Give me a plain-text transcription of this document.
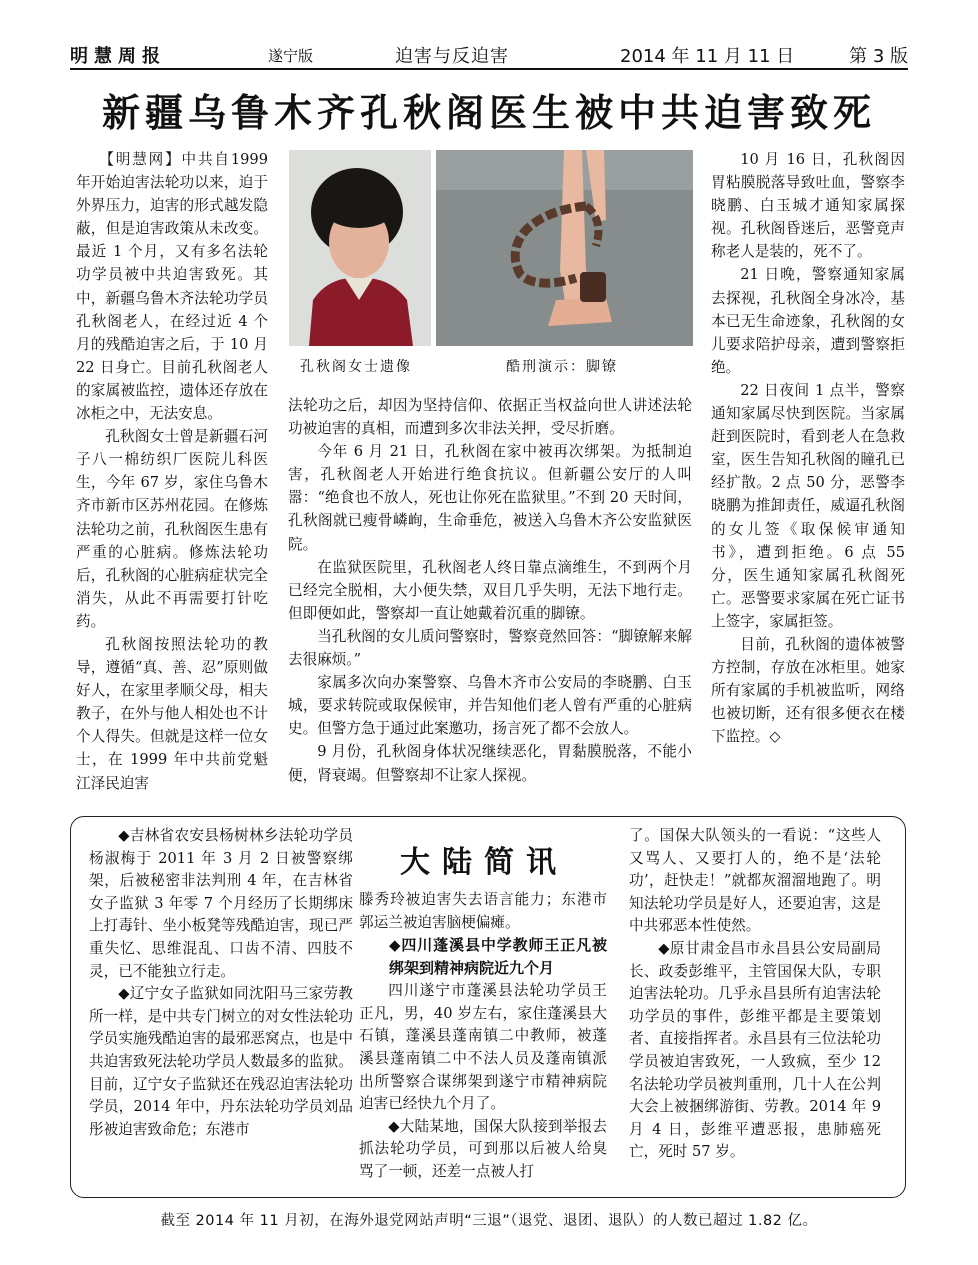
明慧周报	遂宁版	迫害与反迫害	2014 年 11 月 11 日	第 3 版
新疆乌鲁木齐孔秋阁医生被中共迫害致死

【明慧网】中共自1999 年开始迫害法轮功以来，迫于外界压力，迫害的形式越发隐蔽，但是迫害政策从未改变。最近 1 个月，又有多名法轮功学员被中共迫害致死。其中，新疆乌鲁木齐法轮功学员孔秋阁老人，在经过近 4 个月的残酷迫害之后，于 10 月 22 日身亡。目前孔秋阁老人的家属被监控，遗体还存放在冰柜之中，无法安息。

孔秋阁女士曾是新疆石河子八一棉纺织厂医院儿科医生，今年 67 岁，家住乌鲁木齐市新市区苏州花园。在修炼法轮功之前，孔秋阁医生患有严重的心脏病。修炼法轮功后，孔秋阁的心脏病症状完全消失，从此不再需要打针吃药。

孔秋阁按照法轮功的教导，遵循“真、善、忍”原则做好人，在家里孝顺父母，相夫教子，在外与他人相处也不计个人得失。但就是这样一位女士，在 1999 年中共前党魁江泽民迫害

孔秋阁女士遗像	酷刑演示：脚镣

法轮功之后，却因为坚持信仰、依据正当权益向世人讲述法轮功被迫害的真相，而遭到多次非法关押，受尽折磨。

今年 6 月 21 日，孔秋阁在家中被再次绑架。为抵制迫害，孔秋阁老人开始进行绝食抗议。但新疆公安厅的人叫嚣：“绝食也不放人，死也让你死在监狱里。”不到 20 天时间，孔秋阁就已瘦骨嶙峋，生命垂危，被送入乌鲁木齐公安监狱医院。

在监狱医院里，孔秋阁老人终日靠点滴维生，不到两个月已经完全脱相，大小便失禁，双目几乎失明，无法下地行走。但即便如此，警察却一直让她戴着沉重的脚镣。

当孔秋阁的女儿质问警察时，警察竟然回答：“脚镣解来解去很麻烦。”

家属多次向办案警察、乌鲁木齐市公安局的李晓鹏、白玉城，要求转院或取保候审，并告知他们老人曾有严重的心脏病史。但警方急于通过此案邀功，扬言死了都不会放人。

9 月份，孔秋阁身体状况继续恶化，胃黏膜脱落，不能小便，肾衰竭。但警察却不让家人探视。

10 月 16 日，孔秋阁因胃粘膜脱落导致吐血，警察李晓鹏、白玉城才通知家属探视。孔秋阁昏迷后，恶警竟声称老人是装的，死不了。

21 日晚，警察通知家属去探视，孔秋阁全身冰冷，基本已无生命迹象，孔秋阁的女儿要求陪护母亲，遭到警察拒绝。

22 日夜间 1 点半，警察通知家属尽快到医院。当家属赶到医院时，看到老人在急救室，医生告知孔秋阁的瞳孔已经扩散。2 点 50 分，恶警李晓鹏为推卸责任，威逼孔秋阁的女儿签《取保候审通知书》，遭到拒绝。6 点 55 分，医生通知家属孔秋阁死亡。恶警要求家属在死亡证书上签字，家属拒签。

目前，孔秋阁的遗体被警方控制，存放在冰柜里。她家所有家属的手机被监听，网络也被切断，还有很多便衣在楼下监控。◇

◆吉林省农安县杨树林乡法轮功学员杨淑梅于 2011 年 3 月 2 日被警察绑架，后被秘密非法判刑 4 年，在吉林省女子监狱 3 年零 7 个月经历了长期绑床上打毒针、坐小板凳等残酷迫害，现已严重失忆、思维混乱、口齿不清、四肢不灵，已不能独立行走。

◆辽宁女子监狱如同沈阳马三家劳教所一样，是中共专门树立的对女性法轮功学员实施残酷迫害的最邪恶窝点，也是中共迫害致死法轮功学员人数最多的监狱。目前，辽宁女子监狱还在残忍迫害法轮功学员，2014 年中，丹东法轮功学员刘品彤被迫害致命危；东港市

大陆简讯

滕秀玲被迫害失去语言能力；东港市郭运兰被迫害脑梗偏瘫。

◆四川蓬溪县中学教师王正凡被绑架到精神病院近九个月

四川遂宁市蓬溪县法轮功学员王正凡，男，40 岁左右，家住蓬溪县大石镇，蓬溪县蓬南镇二中教师，被蓬溪县蓬南镇二中不法人员及蓬南镇派出所警察合谋绑架到遂宁市精神病院迫害已经快九个月了。

◆大陆某地，国保大队接到举报去抓法轮功学员，可到那以后被人给臭骂了一顿，还差一点被人打

了。国保大队领头的一看说：“这些人又骂人、又要打人的，绝不是‘法轮功’，赶快走！”就都灰溜溜地跑了。明知法轮功学员是好人，还要迫害，这是中共邪恶本性使然。

◆原甘肃金昌市永昌县公安局副局长、政委彭维平，主管国保大队，专职迫害法轮功。几乎永昌县所有迫害法轮功学员的事件，彭维平都是主要策划者、直接指挥者。永昌县有三位法轮功学员被迫害致死，一人致疯，至少 12 名法轮功学员被判重刑，几十人在公判大会上被捆绑游街、劳教。2014 年 9 月 4 日，彭维平遭恶报，患肺癌死亡，死时 57 岁。

截至 2014 年 11 月初，在海外退党网站声明“三退”（退党、退团、退队）的人数已超过 1.82 亿。
